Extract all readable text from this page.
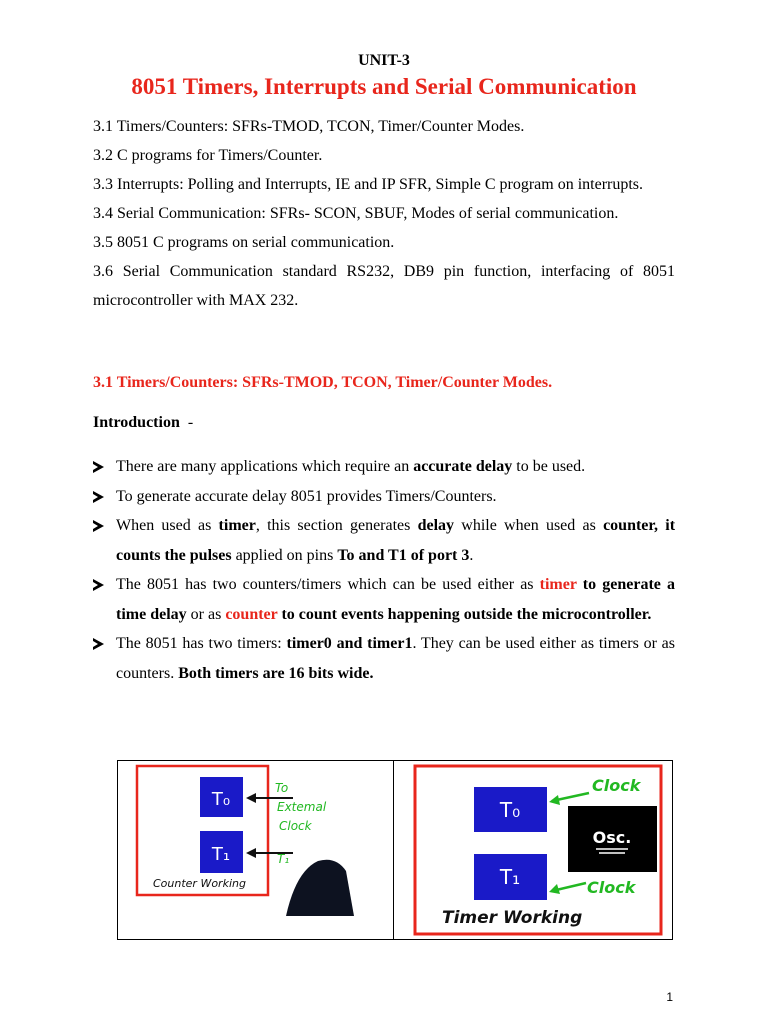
UNIT-3
8051 Timers, Interrupts and Serial Communication

3.1 Timers/Counters: SFRs-TMOD, TCON, Timer/Counter Modes.

3.2 C programs for Timers/Counter.

3.3 Interrupts: Polling and Interrupts, IE and IP SFR, Simple C program on interrupts.

3.4 Serial Communication: SFRs- SCON, SBUF, Modes of serial communication.

3.5 8051 C programs on serial communication.

3.6 Serial Communication standard RS232, DB9 pin function, interfacing of 8051 microcontroller with MAX 232.

3.1 Timers/Counters: SFRs-TMOD, TCON, Timer/Counter Modes.
Introduction -
There are many applications which require an accurate delay to be used.
To generate accurate delay 8051 provides Timers/Counters.
When used as timer, this section generates delay while when used as counter, it counts the pulses applied on pins To and T1 of port 3.
The 8051 has two counters/timers which can be used either as timer to generate a time delay or as counter to count events happening outside the microcontroller.
The 8051 has two timers: timer0 and timer1. They can be used either as timers or as counters. Both timers are 16 bits wide.
T₀
T₁
To
Extemal
Clock
T₁
Counter Working
T₀
T₁
Osc.
Clock
Clock
Timer Working
1
